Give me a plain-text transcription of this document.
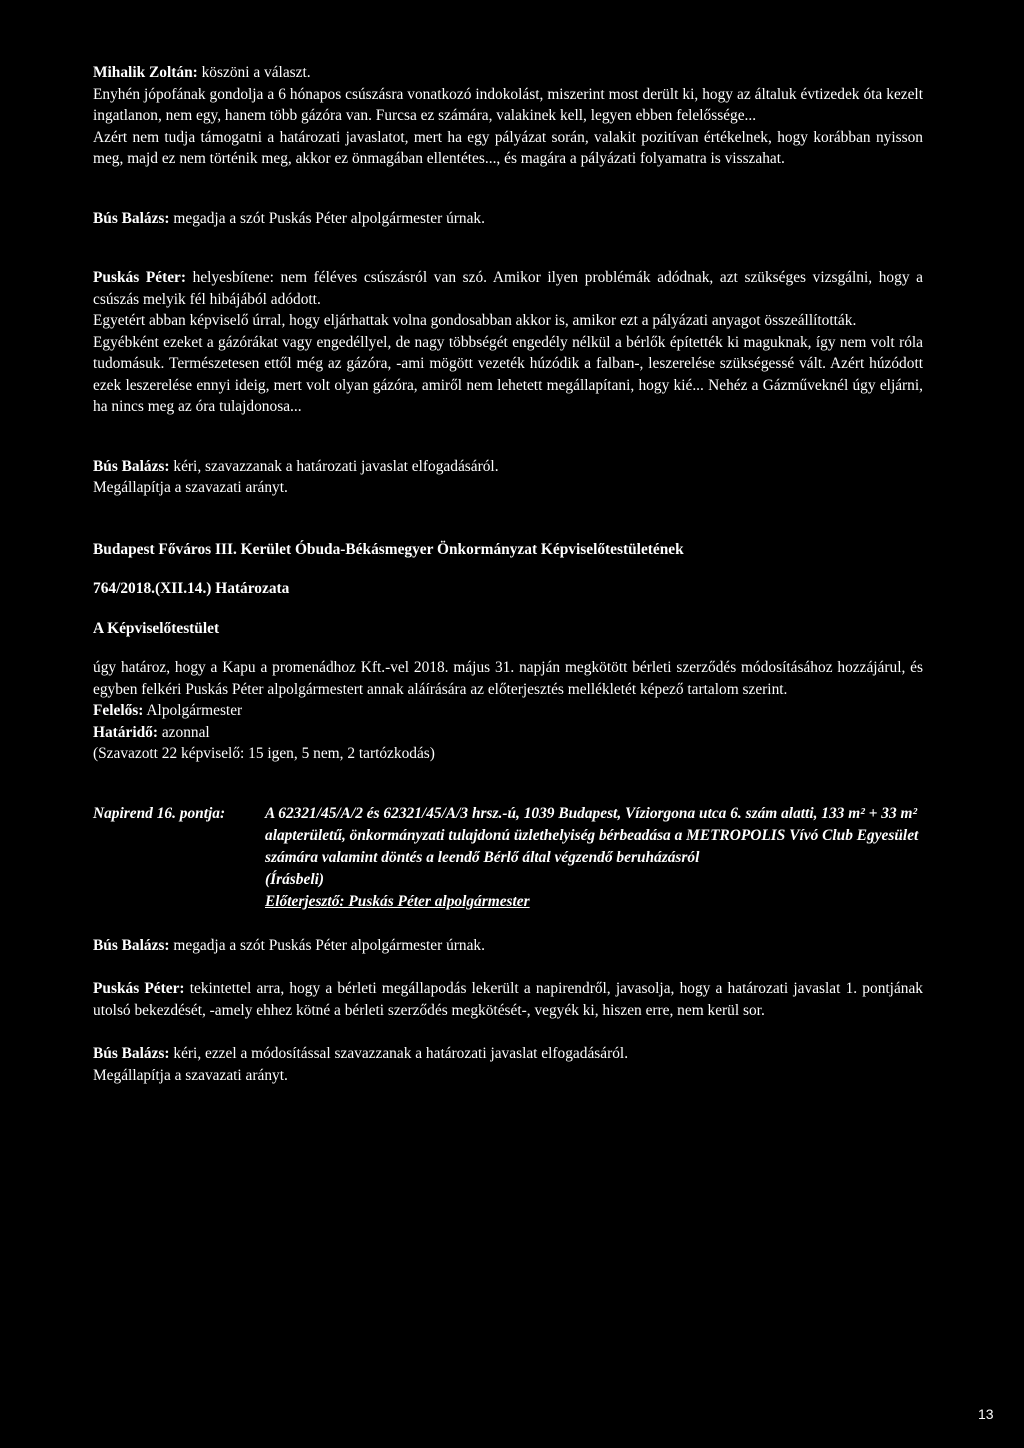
Mihalik Zoltán: köszöni a választ.

Enyhén jópofának gondolja a 6 hónapos csúszásra vonatkozó indokolást, miszerint most derült ki, hogy az általuk évtizedek óta kezelt ingatlanon, nem egy, hanem több gázóra van. Furcsa ez számára, valakinek kell, legyen ebben felelőssége...

Azért nem tudja támogatni a határozati javaslatot, mert ha egy pályázat során, valakit pozitívan értékelnek, hogy korábban nyisson meg, majd ez nem történik meg, akkor ez önmagában ellentétes..., és magára a pályázati folyamatra is visszahat.

Bús Balázs: megadja a szót Puskás Péter alpolgármester úrnak.

Puskás Péter: helyesbítene: nem féléves csúszásról van szó. Amikor ilyen problémák adódnak, azt szükséges vizsgálni, hogy a csúszás melyik fél hibájából adódott.

Egyetért abban képviselő úrral, hogy eljárhattak volna gondosabban akkor is, amikor ezt a pályázati anyagot összeállították.

Egyébként ezeket a gázórákat vagy engedéllyel, de nagy többségét engedély nélkül a bérlők építették ki maguknak, így nem volt róla tudomásuk. Természetesen ettől még az gázóra, -ami mögött vezeték húzódik a falban-, leszerelése szükségessé vált. Azért húzódott ezek leszerelése ennyi ideig, mert volt olyan gázóra, amiről nem lehetett megállapítani, hogy kié... Nehéz a Gázműveknél úgy eljárni, ha nincs meg az óra tulajdonosa...

Bús Balázs: kéri, szavazzanak a határozati javaslat elfogadásáról.

Megállapítja a szavazati arányt.

Budapest Főváros III. Kerület Óbuda-Békásmegyer Önkormányzat Képviselőtestületének

764/2018.(XII.14.) Határozata

A Képviselőtestület

úgy határoz, hogy a Kapu a promenádhoz Kft.-vel 2018. május 31. napján megkötött bérleti szerződés módosításához hozzájárul, és egyben felkéri Puskás Péter alpolgármestert annak aláírására az előterjesztés mellékletét képező tartalom szerint.

Felelős: Alpolgármester

Határidő: azonnal

(Szavazott 22 képviselő: 15 igen, 5 nem, 2 tartózkodás)

Napirend 16. pontja:	A 62321/45/A/2 és 62321/45/A/3 hrsz.-ú, 1039 Budapest, Víziorgona utca 6. szám alatti, 133 m² + 33 m² alapterületű, önkormányzati tulajdonú üzlethelyiség bérbeadása a METROPOLIS Vívó Club Egyesület számára valamint döntés a leendő Bérlő által végzendő beruházásról
(Írásbeli)
Előterjesztő: Puskás Péter alpolgármester

Bús Balázs: megadja a szót Puskás Péter alpolgármester úrnak.

Puskás Péter: tekintettel arra, hogy a bérleti megállapodás lekerült a napirendről, javasolja, hogy a határozati javaslat 1. pontjának utolsó bekezdését, -amely ehhez kötné a bérleti szerződés megkötését-, vegyék ki, hiszen erre, nem kerül sor.

Bús Balázs: kéri, ezzel a módosítással szavazzanak a határozati javaslat elfogadásáról.

Megállapítja a szavazati arányt.

13
